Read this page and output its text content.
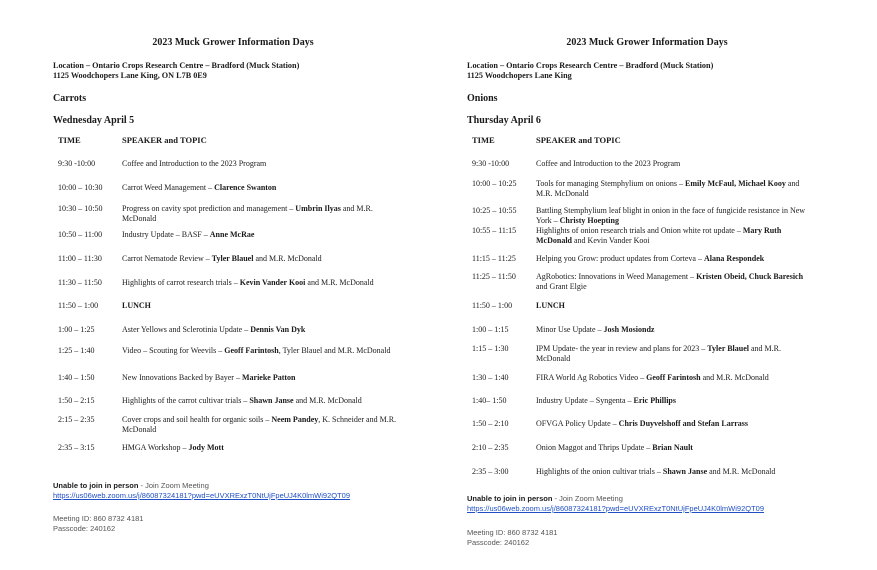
2023 Muck Grower Information Days
Location – Ontario Crops Research Centre – Bradford (Muck Station)
1125 Woodchopers Lane King, ON L7B 0E9
Carrots
Wednesday April 5
TIME	SPEAKER and TOPIC
9:30 -10:00	Coffee and Introduction to the 2023 Program
10:00 – 10:30 Carrot Weed Management – Clarence Swanton
10:30 – 10:50 Progress on cavity spot prediction and management – Umbrin Ilyas and M.R. McDonald
10:50 – 11:00 Industry Update – BASF – Anne McRae
11:00 – 11:30	Carrot Nematode Review – Tyler Blauel and M.R. McDonald
11:30 – 11:50	Highlights of carrot research trials – Kevin Vander Kooi and M.R. McDonald
11:50 – 1:00	LUNCH
1:00 – 1:25	Aster Yellows and Sclerotinia Update – Dennis Van Dyk
1:25 – 1:40	Video – Scouting for Weevils – Geoff Farintosh, Tyler Blauel and M.R. McDonald
1:40 – 1:50	New Innovations Backed by Bayer – Marieke Patton
1:50 – 2:15	Highlights of the carrot cultivar trials – Shawn Janse and M.R. McDonald
2:15 – 2:35	Cover crops and soil health for organic soils – Neem Pandey, K. Schneider and M.R. McDonald
2:35 – 3:15	HMGA Workshop – Jody Mott
Unable to join in person - Join Zoom Meeting
https://us06web.zoom.us/j/86087324181?pwd=eUVXRExzT0NtUjFpeUJ4K0lmWi92QT09
Meeting ID: 860 8732 4181
Passcode: 240162
2023 Muck Grower Information Days
Location – Ontario Crops Research Centre – Bradford (Muck Station)
1125 Woodchopers Lane King
Onions
Thursday April 6
TIME	SPEAKER and TOPIC
9:30 -10:00	Coffee and Introduction to the 2023 Program
10:00 – 10:25 Tools for managing Stemphylium on onions – Emily McFaul, Michael Kooy and M.R. McDonald
10:25 – 10:55 Battling Stemphylium leaf blight in onion in the face of fungicide resistance in New York – Christy Hoepting
10:55 – 11:15 Highlights of onion research trials and Onion white rot update – Mary Ruth McDonald and Kevin Vander Kooi
11:15 – 11:25	Helping you Grow: product updates from Corteva – Alana Respondek
11:25 – 11:50	AgRobotics: Innovations in Weed Management – Kristen Obeid, Chuck Baresich and Grant Elgie
11:50 – 1:00	LUNCH
1:00 – 1:15	Minor Use Update – Josh Mosiondz
1:15 – 1:30	IPM Update- the year in review and plans for 2023 – Tyler Blauel and M.R. McDonald
1:30 – 1:40	FIRA World Ag Robotics Video – Geoff Farintosh and M.R. McDonald
1:40– 1:50	Industry Update – Syngenta – Eric Phillips
1:50 – 2:10	OFVGA Policy Update – Chris Duyvelshoff and Stefan Larrass
2:10 – 2:35	Onion Maggot and Thrips Update – Brian Nault
2:35 – 3:00	Highlights of the onion cultivar trials – Shawn Janse and M.R. McDonald
Unable to join in person - Join Zoom Meeting
https://us06web.zoom.us/j/86087324181?pwd=eUVXRExzT0NtUjFpeUJ4K0lmWi92QT09
Meeting ID: 860 8732 4181
Passcode: 240162
